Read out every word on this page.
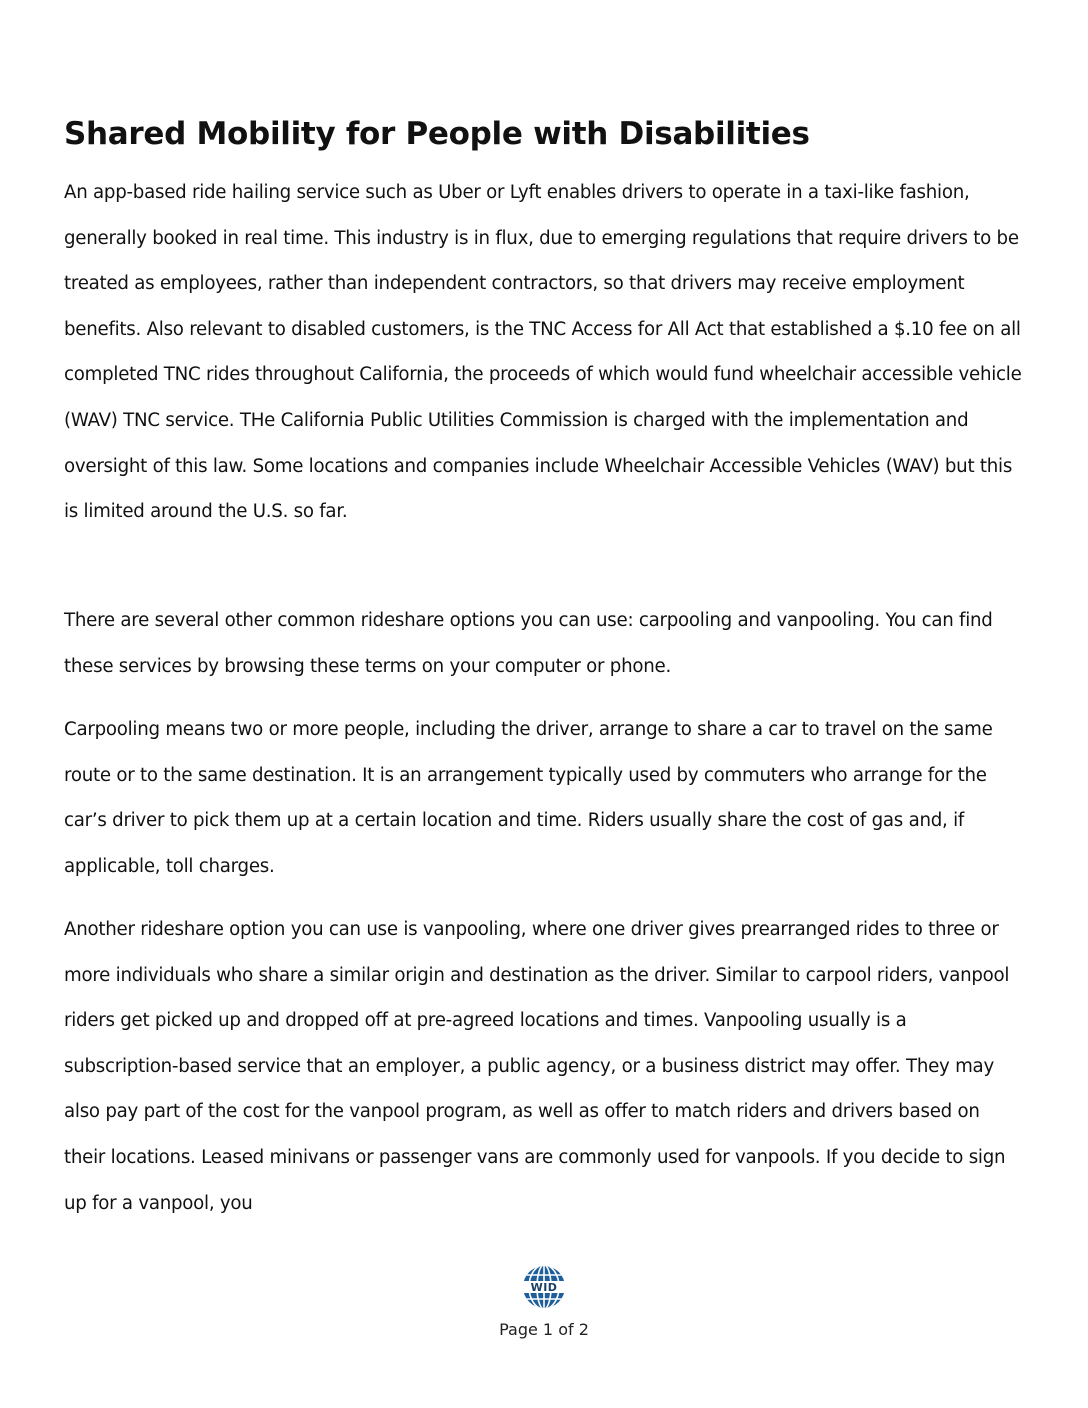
Shared Mobility for People with Disabilities

An app-based ride hailing service such as Uber or Lyft enables drivers to operate in a taxi-like fashion, generally booked in real time. This industry is in flux, due to emerging regulations that require drivers to be treated as employees, rather than independent contractors, so that drivers may receive employment benefits. Also relevant to disabled customers, is the TNC Access for All Act that established a $.10 fee on all completed TNC rides throughout California, the proceeds of which would fund wheelchair accessible vehicle (WAV) TNC service. THe California Public Utilities Commission is charged with the implementation and oversight of this law. Some locations and companies include Wheelchair Accessible Vehicles (WAV) but this is limited around the U.S. so far.

There are several other common rideshare options you can use: carpooling and vanpooling. You can find these services by browsing these terms on your computer or phone.

Carpooling means two or more people, including the driver, arrange to share a car to travel on the same route or to the same destination. It is an arrangement typically used by commuters who arrange for the car’s driver to pick them up at a certain location and time. Riders usually share the cost of gas and, if applicable, toll charges.

Another rideshare option you can use is vanpooling, where one driver gives prearranged rides to three or more individuals who share a similar origin and destination as the driver. Similar to carpool riders, vanpool riders get picked up and dropped off at pre-agreed locations and times. Vanpooling usually is a subscription-based service that an employer, a public agency, or a business district may offer. They may also pay part of the cost for the vanpool program, as well as offer to match riders and drivers based on their locations. Leased minivans or passenger vans are commonly used for vanpools. If you decide to sign up for a vanpool, you

WID
Page 1 of 2
